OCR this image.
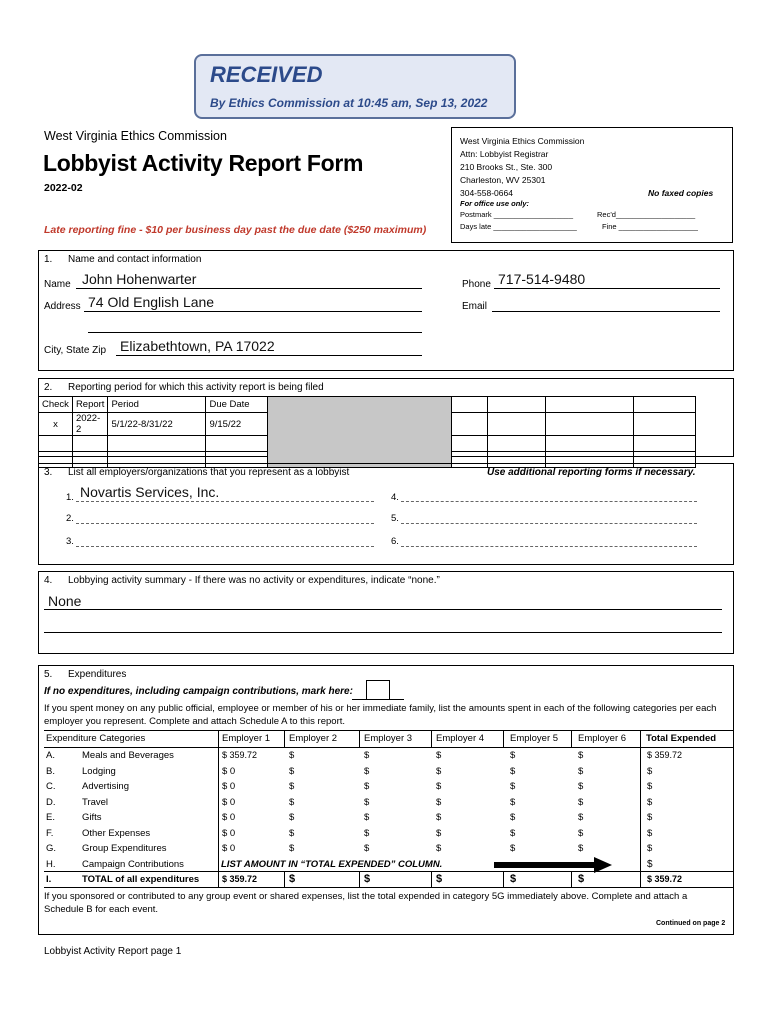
RECEIVED
By Ethics Commission at 10:45 am, Sep 13, 2022
West Virginia Ethics Commission
Lobbyist Activity Report Form
2022-02
Late reporting fine - $10 per business day past the due date ($250 maximum)
West Virginia Ethics Commission
Attn: Lobbyist Registrar
210 Brooks St., Ste. 300
Charleston, WV 25301
304-558-0664	No faxed copies
For office use only:
Postmark ___________________	Rec'd___________________
Days late ____________________	Fine ___________________
1. Name and contact information
Name John Hohenwarter
Address 74 Old English Lane
City, State Zip Elizabethtown, PA 17022
Phone 717-514-9480
Email
2. Reporting period for which this activity report is being filed
Check	Report	Period	Due Date					
x	2022-2	5/1/22-8/31/22	9/15/22					

3. List all employers/organizations that you represent as a lobbyist	Use additional reporting forms if necessary.
1. Novartis Services, Inc.
2.
3.
4.
5.
6.
4. Lobbying activity summary - If there was no activity or expenditures, indicate “none.”
None
5. Expenditures
If no expenditures, including campaign contributions, mark here:
If you spent money on any public official, employee or member of his or her immediate family, list the amounts spent in each of the following categories per each employer you represent. Complete and attach Schedule A to this report.
Expenditure Categories	Employer 1 Employer 2	Employer 3	Employer 4	Employer 5 Employer 6 Total Expended
A.	Meals and Beverages	$ 359.72	$	$	$	$	$	$ 359.72
B.	Lodging	$ 0	$	$	$	$	$	$
C.	Advertising	$ 0	$	$	$	$	$	$
D.	Travel	$ 0	$	$	$	$	$	$
E.	Gifts	$ 0	$	$	$	$	$	$
F.	Other Expenses	$ 0	$	$	$	$	$	$
G.	Group Expenditures	$ 0	$	$	$	$	$	$
H.	Campaign Contributions	LIST AMOUNT IN “TOTAL EXPENDED” COLUMN.	$
I.	TOTAL of all expenditures	$ 359.72	$	$	$	$	$	$ 359.72
If you sponsored or contributed to any group event or shared expenses, list the total expended in category 5G immediately above. Complete and attach a Schedule B for each event.
Continued on page 2
Lobbyist Activity Report page 1
